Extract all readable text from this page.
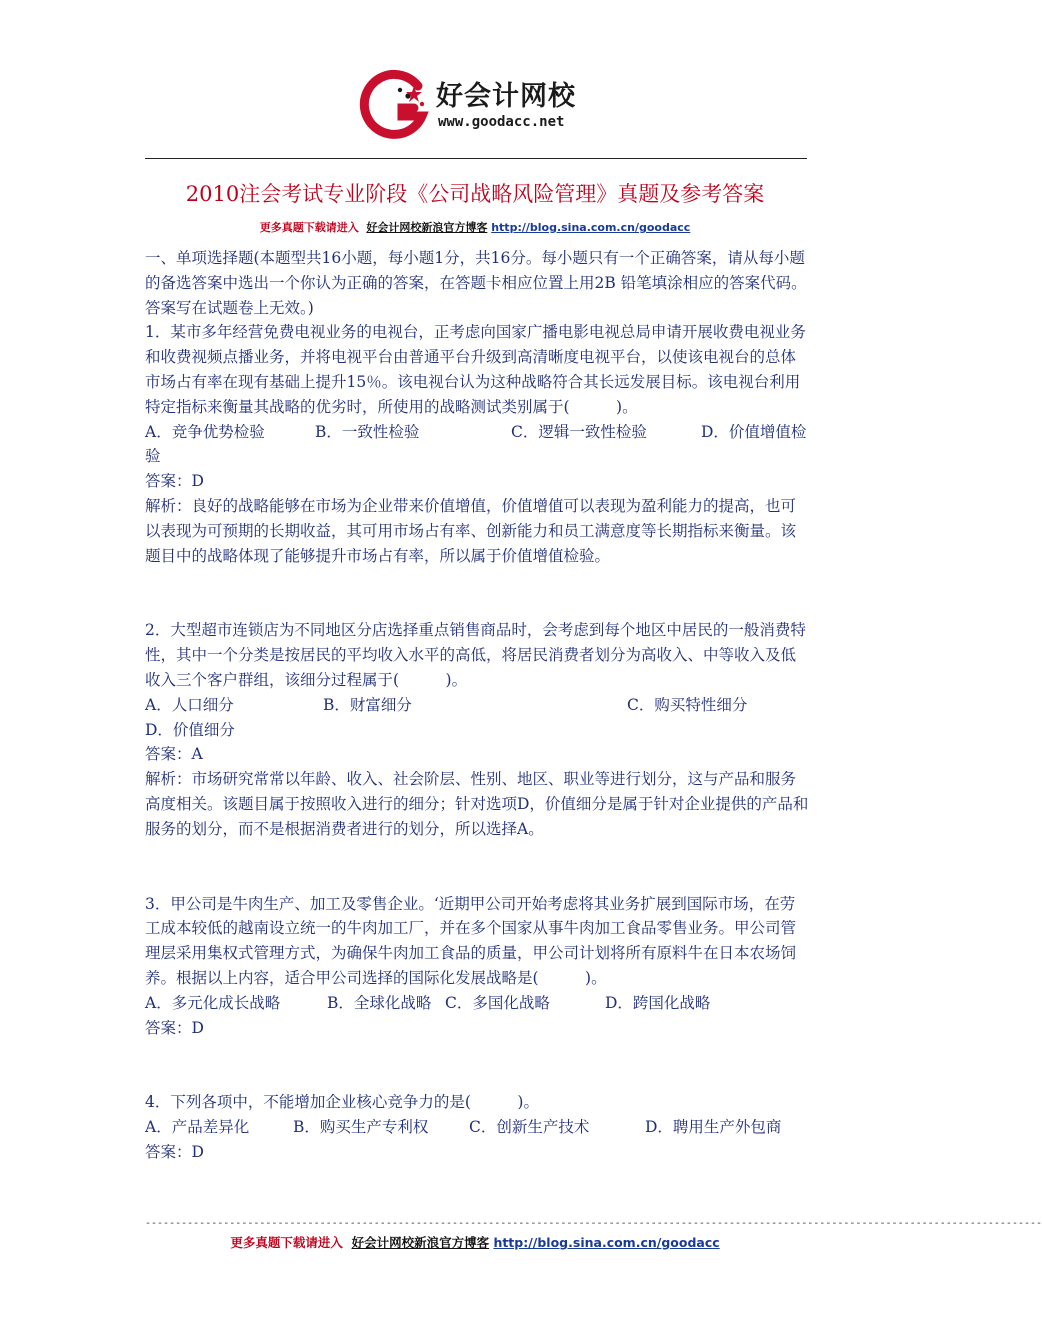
好会计网校
www.goodacc.net
2010注会考试专业阶段《公司战略风险管理》真题及参考答案
更多真题下载请进入 好会计网校新浪官方博客 http://blog.sina.com.cn/goodacc

一、单项选择题(本题型共16小题，每小题1分，共16分。每小题只有一个正确答案，请从每小题的备选答案中选出一个你认为正确的答案，在答题卡相应位置上用2B 铅笔填涂相应的答案代码。答案写在试题卷上无效。)

1．某市多年经营免费电视业务的电视台，正考虑向国家广播电影电视总局申请开展收费电视业务和收费视频点播业务，并将电视平台由普通平台升级到高清晰度电视平台，以使该电视台的总体市场占有率在现有基础上提升15％。该电视台认为这种战略符合其长远发展目标。该电视台利用特定指标来衡量其战略的优劣时，所使用的战略测试类别属于(　　　)。

A．竞争优势检验	B．一致性检验	C．逻辑一致性检验	D．价值增值检验

答案：D

解析：良好的战略能够在市场为企业带来价值增值，价值增值可以表现为盈利能力的提高，也可以表现为可预期的长期收益，其可用市场占有率、创新能力和员工满意度等长期指标来衡量。该题目中的战略体现了能够提升市场占有率，所以属于价值增值检验。

2．大型超市连锁店为不同地区分店选择重点销售商品时，会考虑到每个地区中居民的一般消费特性，其中一个分类是按居民的平均收入水平的高低，将居民消费者划分为高收入、中等收入及低收入三个客户群组，该细分过程属于(　　　)。

A．人口细分	B．财富细分	C．购买特性细分

D．价值细分

答案：A

解析：市场研究常常以年龄、收入、社会阶层、性别、地区、职业等进行划分，这与产品和服务高度相关。该题目属于按照收入进行的细分；针对选项D，价值细分是属于针对企业提供的产品和服务的划分，而不是根据消费者进行的划分，所以选择A。

3．甲公司是牛肉生产、加工及零售企业。‘近期甲公司开始考虑将其业务扩展到国际市场，在劳工成本较低的越南设立统一的牛肉加工厂，并在多个国家从事牛肉加工食品零售业务。甲公司管理层采用集权式管理方式，为确保牛肉加工食品的质量，甲公司计划将所有原料牛在日本农场饲养。根据以上内容，适合甲公司选择的国际化发展战略是(　　　)。

A．多元化成长战略	B．全球化战略 C．多国化战略	D．跨国化战略

答案：D

4．下列各项中，不能增加企业核心竞争力的是(　　　)。

A．产品差异化	B．购买生产专利权	C．创新生产技术	D．聘用生产外包商

答案：D

-----------------------------------------------------------------------------------------------------------------------------------------------------
更多真题下载请进入 好会计网校新浪官方博客 http://blog.sina.com.cn/goodacc
